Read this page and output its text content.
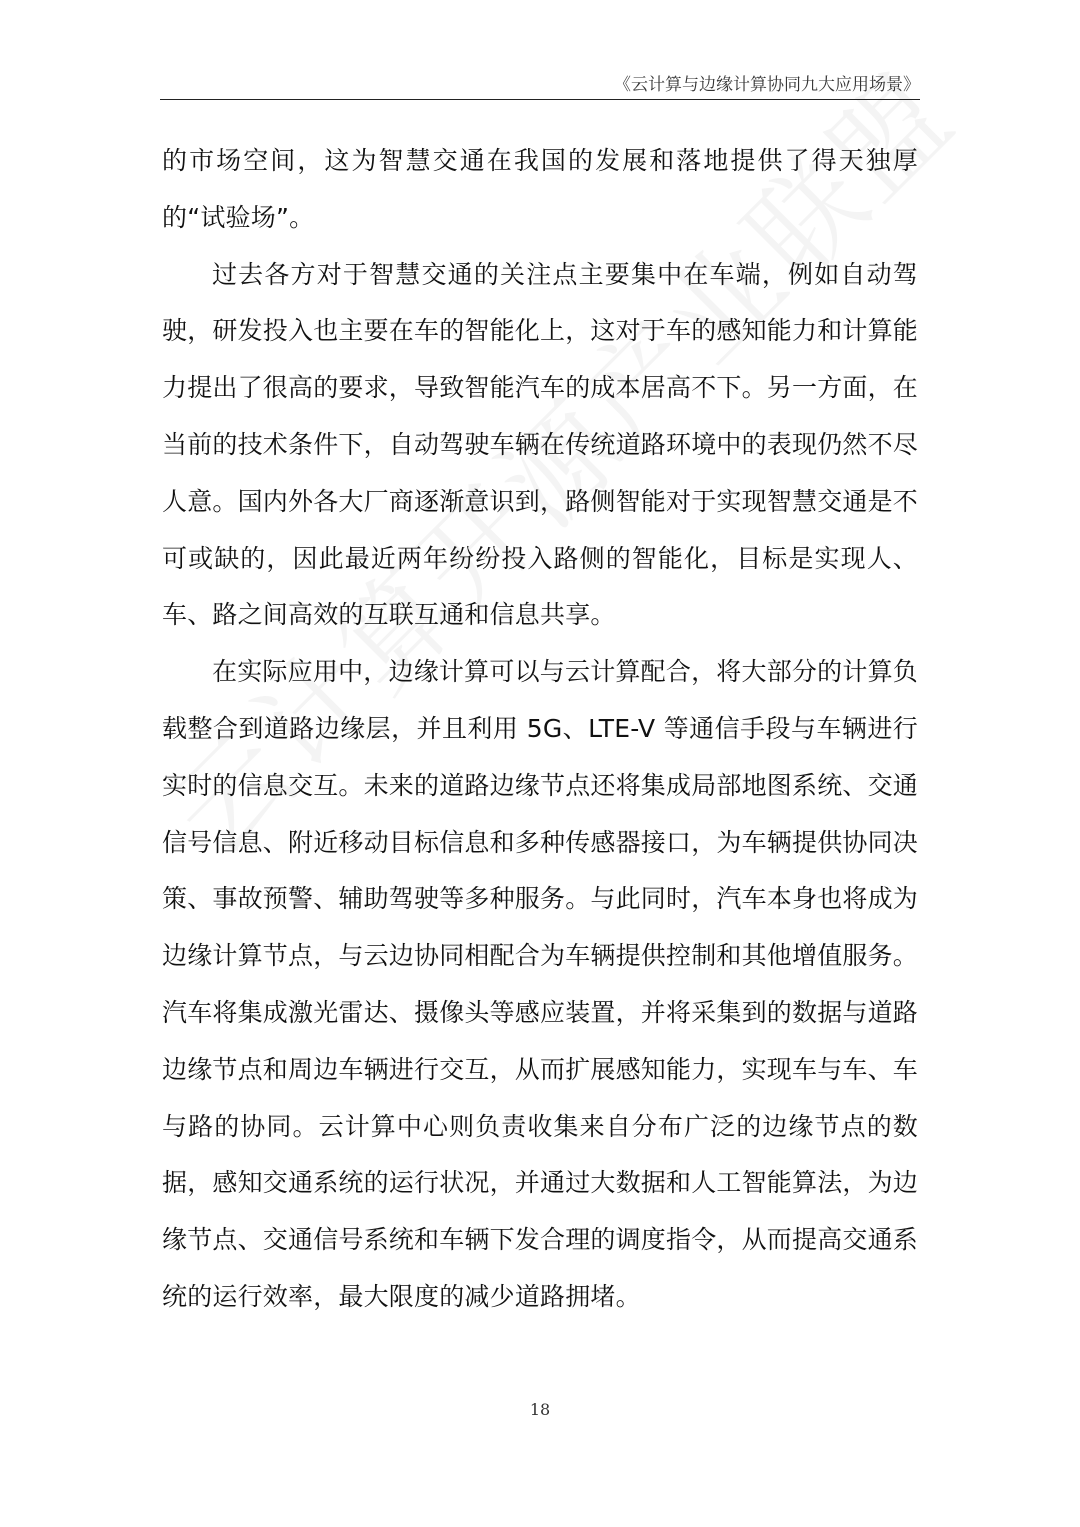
《云计算与边缘计算协同九大应用场景》

的市场空间，这为智慧交通在我国的发展和落地提供了得天独厚的“试验场”。

过去各方对于智慧交通的关注点主要集中在车端，例如自动驾驶，研发投入也主要在车的智能化上，这对于车的感知能力和计算能力提出了很高的要求，导致智能汽车的成本居高不下。另一方面，在当前的技术条件下，自动驾驶车辆在传统道路环境中的表现仍然不尽人意。国内外各大厂商逐渐意识到，路侧智能对于实现智慧交通是不可或缺的，因此最近两年纷纷投入路侧的智能化，目标是实现人、车、路之间高效的互联互通和信息共享。

在实际应用中，边缘计算可以与云计算配合，将大部分的计算负载整合到道路边缘层，并且利用 5G、LTE-V 等通信手段与车辆进行实时的信息交互。未来的道路边缘节点还将集成局部地图系统、交通信号信息、附近移动目标信息和多种传感器接口，为车辆提供协同决策、事故预警、辅助驾驶等多种服务。与此同时，汽车本身也将成为边缘计算节点，与云边协同相配合为车辆提供控制和其他增值服务。汽车将集成激光雷达、摄像头等感应装置，并将采集到的数据与道路边缘节点和周边车辆进行交互，从而扩展感知能力，实现车与车、车与路的协同。云计算中心则负责收集来自分布广泛的边缘节点的数据，感知交通系统的运行状况，并通过大数据和人工智能算法，为边缘节点、交通信号系统和车辆下发合理的调度指令，从而提高交通系统的运行效率，最大限度的减少道路拥堵。

18
